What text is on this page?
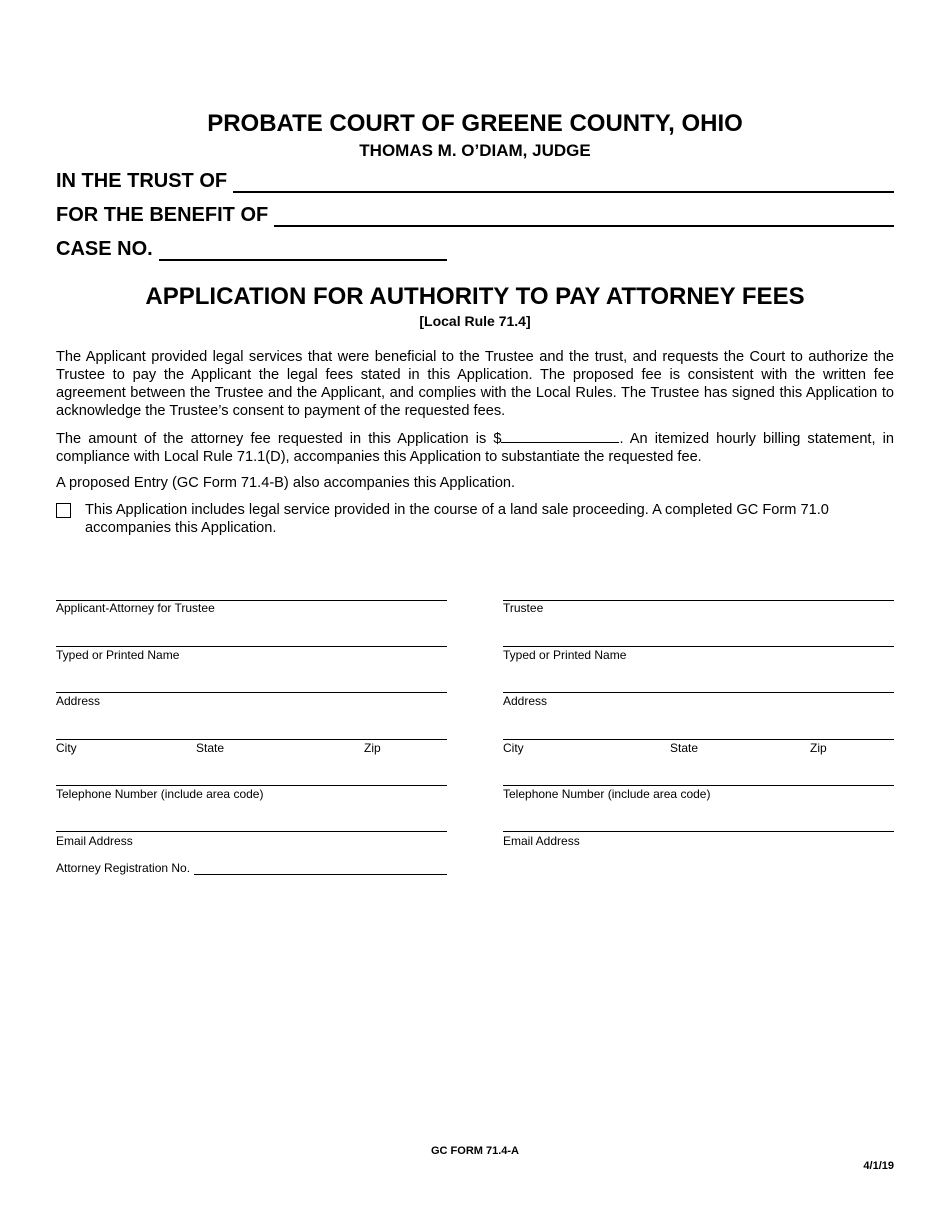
PROBATE COURT OF GREENE COUNTY, OHIO
THOMAS M. O’DIAM, JUDGE
IN THE TRUST OF
FOR THE BENEFIT OF
CASE NO.
APPLICATION FOR AUTHORITY TO PAY ATTORNEY FEES
[Local Rule 71.4]
The Applicant provided legal services that were beneficial to the Trustee and the trust, and requests the Court to authorize the Trustee to pay the Applicant the legal fees stated in this Application. The proposed fee is consistent with the written fee agreement between the Trustee and the Applicant, and complies with the Local Rules. The Trustee has signed this Application to acknowledge the Trustee’s consent to payment of the requested fees.
The amount of the attorney fee requested in this Application is $	. An itemized hourly billing statement, in compliance with Local Rule 71.1(D), accompanies this Application to substantiate the requested fee.
A proposed Entry (GC Form 71.4-B) also accompanies this Application.
This Application includes legal service provided in the course of a land sale proceeding. A completed GC Form 71.0 accompanies this Application.
Applicant-Attorney for Trustee
Typed or Printed Name
Address
City	State	Zip
Telephone Number (include area code)
Email Address
Attorney Registration No.
Trustee
Typed or Printed Name
Address
City	State	Zip
Telephone Number (include area code)
Email Address
GC FORM 71.4-A
4/1/19
